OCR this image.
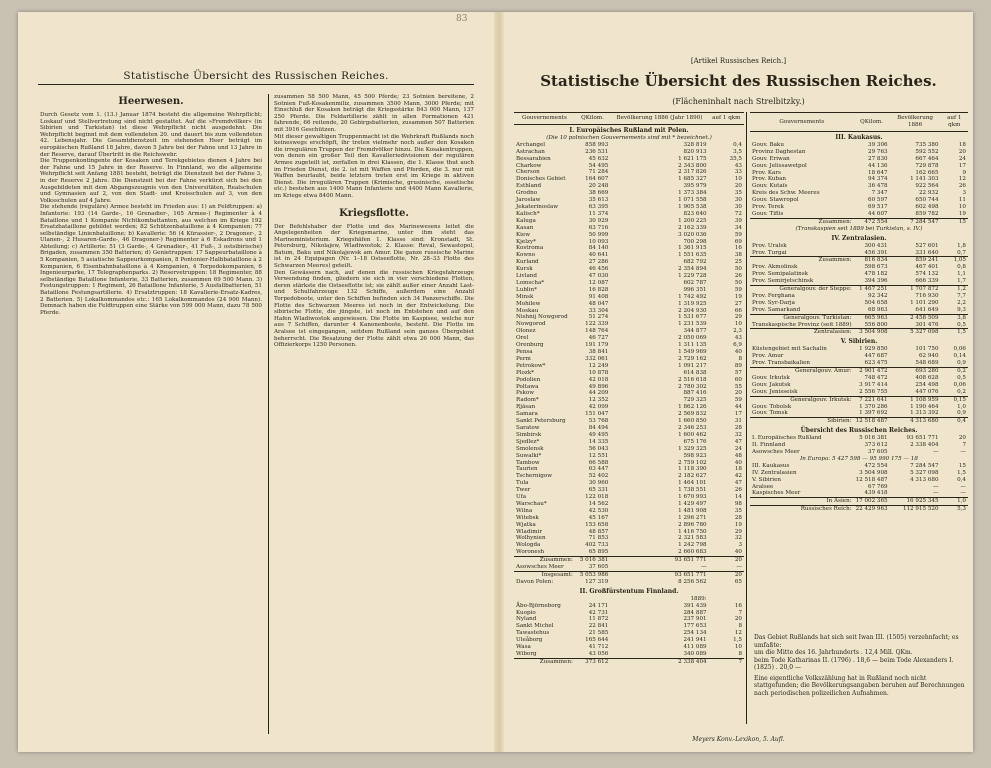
83
Statistische Übersicht des Russischen Reiches.
Heerwesen.

Durch Gesetz vom 1. (13.) Januar 1874 besteht die allgemeine Wehrpflicht; Loskauf und Stellvertretung sind nicht gestattet. Auf die »Fremdvölker« (in Sibirien und Turkistan) ist diese Wehrpflicht nicht ausgedehnt. Die Wehrpflicht beginnt mit dem vollendeten 20. und dauert bis zum vollendeten 42. Lebensjahr. Die Gesamtdienstzeit im stehenden Heer beträgt im europäischen Rußland 18 Jahre, davon 5 Jahre bei der Fahne und 13 Jahre in der Reserve, darauf Übertritt in die Reichswehr.

Die Truppenkontingente der Kosaken und Terekgebietes dienen 4 Jahre bei der Fahne und 15 Jahre in der Reserve. In Finnland, wo die allgemeine Wehrpflicht seit Anfang 1881 besteht, beträgt die Dienstzeit bei der Fahne 3, in der Reserve 2 Jahre. Die Dienstzeit bei der Fahne verkürzt sich bei den Ausgebildeten mit dem Abgangszeugnis von den Universitäten, Realschulen und Gymnasien auf 2, von den Stadt- und Kreisschulen auf 3, von den Volksschulen auf 4 Jahre.

Die stehende (reguläre) Armee besteht im Frieden aus: 1) an Feldtruppen: a) Infanterie: 193 (14 Garde-, 16 Grenadier-, 165 Armee-) Regimenter à 4 Bataillone und 1 Kompanie Nichtkombattanten, aus welchen im Kriege 192 Ersatzbataillone gebildet werden; 82 Schützenbataillone à 4 Kompanien; 77 selbständige Linienbataillone; b) Kavallerie: 56 (4 Kürassier-, 2 Dragoner-, 2 Ulanen-, 2 Husaren-Garde-, 46 Dragoner-) Regimenter à 6 Eskadrons und 1 Abteilung; c) Artillerie: 51 (3 Garde-, 4 Grenadier-, 41 Fuß-, 3 ostsibirische) Brigaden, zusammen 350 Batterien; d) Genietruppen: 17 Sappeurbataillone à 5 Kompanien, 5 asiatische Sappeurkompanien, 8 Pontonier-Halbbataillone à 2 Kompanien, 6 Eisenbahnbataillone à 4 Kompanien, 4 Torpedokompanien, 6 Ingenieurparke, 17 Telegraphenparks. 2) Reservetruppen: 18 Regimenter, 88 selbständige Bataillone Infanterie, 33 Batterien, zusammen 69 500 Mann. 3) Festungstruppen: 1 Regiment, 26 Bataillone Infanterie, 5 Ausfallbatterien, 51 Bataillone Festungsartillerie. 4) Ersatztruppen: 18 Kavallerie-Ersatz-Kadres, 2 Batterien. 5) Lokalkommandos etc.: 165 Lokalkommandos (24 900 Mann). Demnach haben die Feldtruppen eine Stärke von 599 000 Mann, dazu 78 500 Pferde.

zusammen 58 500 Mann, 45 500 Pferde; 23 Sotnien bereitene, 2 Sotnien Fuß-Kosakenmiliz, zusammen 3500 Mann, 3000 Pferde; mit Einschluß der Kosaken beträgt die Kriegsstärke 843 000 Mann, 137 250 Pferde. Die Feldartillerie zählt in allen Formationen 421 fahrende, 66 reitende, 20 Gebirgsbatterien, zusammen 507 Batterien mit 3916 Geschützen.

Mit dieser gewaltigen Truppenmacht ist die Wehrkraft Rußlands noch keineswegs erschöpft, ihr treten vielmehr noch außer den Kosaken die irregulären Truppen der Fremdvölker hinzu. Die Kosakentruppen, von denen ein großer Teil den Kavalleriedivisionen der regulären Armee zugeteilt ist, zerfallen in drei Klassen, die 1. Klasse thut auch im Frieden Dienst, die 2. ist mit Waffen und Pferden, die 3. nur mit Waffen beurlaubt, beide letztern treten erst im Kriege in aktiven Dienst. Die irregulären Truppen (Krimische, grusinische, ossetische etc.) bestehen aus 1400 Mann Infanterie und 4400 Mann Kavallerie, im Kriege etwa 8400 Mann.

Kriegsflotte.

Der Befehlshaber der Flotte und des Marinewesens leitet die Angelegenheiten der Kriegsmarine, unter ihm steht das Marineministerium. Kriegshäfen 1. Klasse sind: Kronstadt, St. Petersburg, Nikolajew, Wladiwostok; 2. Klasse: Reval, Sewastopol, Batum, Baku und Nikolajewsk am Amur. Die ganze russische Marine ist in 24 Equipagen (Nr. 1–18 Ostseeflotte, Nr. 28–33 Flotte des Schwarzen Meeres) geteilt.

Den Gewässern nach, auf denen die russischen Kriegsfahrzeuge Verwendung finden, gliedern sie sich in vier verschiedene Flotten, deren stärkste die Ostseeflotte ist; sie zählt außer einer Anzahl Last- und Schulfahrzeuge 132 Schiffe, außerdem eine Anzahl Torpedoboote, unter den Schiffen befinden sich 34 Panzerschiffe. Die Flotte des Schwarzen Meeres ist noch in der Entwickelung. Die sibirische Flotte, die jüngste, ist noch im Entstehen und auf den Hafen Wladiwostok angewiesen. Die Flotte im Kaspisee, welche nur aus 7 Schiffen, darunter 4 Kanonenboote, besteht. Die Flotte im Aralsee ist eingegangen, seitdem Rußland sein ganzes Übergebiet beherrscht. Die Besatzung der Flotte zählt etwa 26 000 Mann, das Offizierkorps 1250 Personen.

[Artikel Russisches Reich.]
Statistische Übersicht des Russischen Reiches.
(Flächeninhalt nach Strelbitzky.)
Gouvernements	QKilom.	Bevölkerung 1886 (Jahr 1890)	auf 1 qkm
I. Europäisches Rußland mit Polen.			
(Die 10 polnischen Gouvernements sind mit * bezeichnet.)			
Archangel	858 993	328 819	0,4
Astrachan	236 531	820 913	3,5
Bessarabien	45 632	1 621 175	35,5
Charkow	54 495	2 343 800	43
Cherson	71 284	2 317 826	33
Donisches Gebiet	164 607	1 685 327	10
Esthland	20 248	395 979	20
Grodno	38 669	1 373 384	35
Jaroslaw	35 613	1 071 558	30
Jekaterinoslaw	63 395	1 905 538	30
Kalisch*	11 374	823 640	72
Kaluga	30 929	1 200 225	39
Kasan	63 716	2 162 339	34
Kiew	50 999	3 020 036	59
Kjelzy*	10 093	700 298	69
Kostroma	84 140	1 361 915	16
Kowno	40 641	1 551 635	38
Kurland	27 286	682 792	25
Kursk	46 456	2 354 894	50
Livland	47 030	1 229 728	26
Lomscha*	12 087	602 787	50
Lublin*	16 828	996 351	59
Minsk	91 408	1 742 492	19
Mohilew	48 047	1 319 925	27
Moskau	33 304	2 204 930	66
Nishnij Nowgorod	51 274	1 531 677	29
Nowgorod	122 339	1 231 539	10
Olonez	148 764	344 877	2,3
Orel	46 727	2 050 069	43
Orenburg	191 179	1 311 135	6,9
Pensa	38 841	1 549 969	40
Perm	332 061	2 729 162	8
Petrokow*	12 249	1 091 217	89
Plozk*	10 878	614 838	57
Podolien	42 018	2 516 618	60
Poltawa	49 896	2 780 302	55
Pskow	44 209	887 416	20
Radom*	12 352	729 325	59
Rjäsan	42 099	1 862 126	44
Samara	151 047	2 569 832	17
Sankt Petersburg	53 768	1 660 850	31
Saratow	84 494	2 346 253	28
Simbirsk	49 495	1 600 462	32
Sjedlez*	14 335	675 176	47
Smolensk	56 043	1 329 325	24
Suwalki*	12 551	598 923	48
Tambow	66 588	2 759 102	40
Taurien	63 447	1 118 390	18
Tschernigow	52 402	2 182 627	42
Tula	30 960	1 464 101	47
Twer	65 331	1 738 551	26
Ufa	122 018	1 670 993	14
Warschau*	14 562	1 429 497	98
Wilna	42 530	1 481 908	35
Witebsk	45 167	1 296 271	28
Wjatka	153 658	2 896 780	19
Wladimir	48 857	1 416 750	29
Wolhynien	71 853	2 321 583	32
Wologda	402 733	1 242 798	3
Woronesh	65 895	2 660 683	40
Zusammen:	5 016 381	93 651 771	20
Asowsches Meer	37 605	—	—
Insgesamt:	5 053 986	93 651 771	20
Davon Polen:	127 319	8 256 562	65
II. Großfürstentum Finnland.			
		1889:	
Åbo-Björneborg	24 171	391 439	16
Kuopio	42 731	284 887	7
Nyland	11 872	237 901	20
Sankt Michel	22 841	177 653	8
Tawastehus	21 585	254 134	12
Uleåborg	165 644	241 941	1,5
Wasa	41 712	411 089	10
Wiborg	43 056	340 089	8
Zusammen:	373 612	2 338 404	7
Gouvernements	QKilom.	Bevölkerung 1886	auf 1 qkm
III. Kaukasus.			
Gouv. Baku	39 306	735 380	18
Provinz Daghestan	29 763	592 552	20
Gouv. Eriwan	27 830	667 464	24
Gouv. Jelissawetpol	44 136	729 878	17
Prov. Kars	18 647	162 665	9
Prov. Kuban	94 374	1 141 303	12
Gouv. Kutaïs	36 478	922 564	26
Kreis des Schw. Meeres	7 347	22 932	3
Gouv. Stawropol	60 597	650 744	11
Prov. Terek	69 517	602 498	10
Gouv. Tiflis	44 607	859 782	19
Zusammen:	472 554	7 284 547	15
(Transkaspien seit 1889 bei Turkistan, s. IV.)			
IV. Zentralasien.			
Prov. Uralsk	300 431	527 601	1,8
Prov. Turgai	456 391	331 640	0,7
Zusammen:	816 834	859 241	1,05
Prov. Akmolinsk	598 673	467 401	0,8
Prov. Semipalatinsk	478 182	574 132	1,1
Prov. Semirjetschinsk	394 396	666 339	1,7
Generalgouv. der Steppe:	1 467 251	1 707 872	1,2
Prov. Ferghana	92 342	716 930	7,7
Prov. Syr-Darja	504 658	1 101 290	2,2
Prov. Samarkand	68 963	641 649	9,3
Generalgouv. Turkistan:	665 963	2 458 509	3,8
Transkaspische Provinz (seit 1889)	556 800	301 476	0,5
Zentralasien:	3 504 908	5 327 098	1,5
V. Sibirien.			
Küstengebiet mit Sachalin	1 929 850	101 750	0,06
Prov. Amur	447 687	62 940	0,14
Prov. Transbaikalien	623 475	548 689	0,9
Generalgouv. Amur:	2 901 472	693 280	0,2
Gouv. Irkutsk	748 472	408 628	0,5
Gouv. Jakutsk	3 917 414	254 498	0,06
Gouv. Jenisseisk	2 556 755	447 076	0,2
Generalgouv. Irkutsk:	7 221 641	1 108 959	0,15
Gouv. Tobolsk	1 370 286	1 190 464	1,0
Gouv. Tomsk	1 397 692	1 313 392	0,9
Sibirien:	12 518 487	4 313 680	0,4
Übersicht des Russischen Reiches.			
I. Europäisches Rußland	5 016 381	93 651 771	20
II. Finnland	373 612	2 338 404	7
Asowsches Meer	37 605	—	—
In Europa: 5 427 598 — 95 990 175 — 18			
III. Kaukasus	472 554	7 284 547	15
IV. Zentralasien	3 504 908	5 327 098	1,5
V. Sibirien	12 518 487	4 313 680	0,4
Aralsee	67 769	—	—
Kaspisches Meer	439 418	—	—
In Asien:	17 002 365	16 925 345	1,0
Russisches Reich:	22 429 963	112 915 520	5,3
Das Gebiet Rußlands hat sich seit Iwan III. (1505) verzehnfacht; es umfaßte:
um die Mitte des 16. Jahrhunderts . 12,4 Mill. QKm.
beim Tode Katharinas II. (1796) . 18,6 — beim Tode Alexanders I. (1825) . 20,0 —
Eine eigentliche Volkszählung hat in Rußland noch nicht stattgefunden; die Bevölkerungsangaben beruhen auf Berechnungen nach periodischen polizeilichen Aufnahmen.
Meyers Konv.-Lexikon, 5. Aufl.
